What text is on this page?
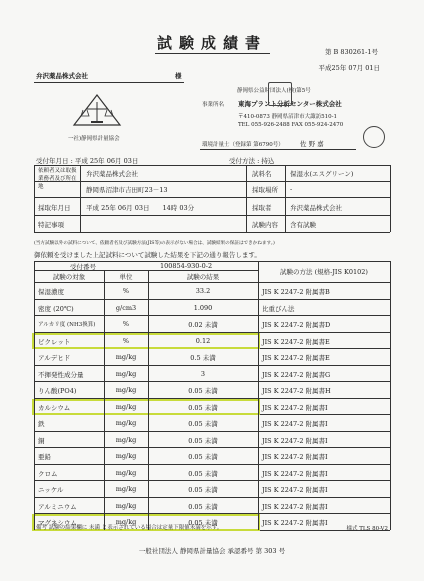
試験成績書	第 B 830261-1号
平成25年 07月 01日
弁沢薬品株式会社	様
一社)静岡県計量協会
静岡県公益財団法人(検)第5号
事業所名 東海プラント分析センター株式会社
〒410-0873 静岡県沼津市大諏訪510-1
TEL 055-926-2488 FAX 055-924-2470
環境計量士（登録第 第6790号）	佐 野 嘉
受付年月日 : 平成 25年 06月 03日	受付方法 : 持込
依頼者又は取扱業務者及び所在地
弁沢薬品株式会社
静岡県沼津市吉田町23－13
試料名	保湿水(エスグリーン)
採取場所 -
採取年月日 平成 25年 06月 03日　　14時 03分	採取者	弁沢薬品株式会社
特記事項	試験内容 含有試験
(当方試験以外の試料について、依頼者名及び試験方法(JIS等)の表示がない場合は、試験結果の保証はできかねます。)
御依頼を受けました上記試料について試験した結果を下記の通り報告します。
受付番号	100854-930-0-2
試験の対象	単位	試験の結果
試験の方法 (規格-JIS K0102)
保湿濃度	%	33.2	JIS K 2247-2 附属書B
密度 (20℃)	g/cm3	1.090	比重びん法
アルカリ度 (NH3換算)	%	0.02 未満	JIS K 2247-2 附属書D
ピクレット	%	0.12	JIS K 2247-2 附属書E
アルデヒド	mg/kg	0.5 未満	JIS K 2247-2 附属書E
不揮発性成分量	mg/kg	3	JIS K 2247-2 附属書G
りん酸(PO4)	mg/kg	0.05 未満	JIS K 2247-2 附属書H
カルシウム	mg/kg	0.05 未満	JIS K 2247-2 附属書I
鉄	mg/kg	0.05 未満	JIS K 2247-2 附属書I
銅	mg/kg	0.05 未満	JIS K 2247-2 附属書I
亜鉛	mg/kg	0.05 未満	JIS K 2247-2 附属書I
クロム	mg/kg	0.05 未満	JIS K 2247-2 附属書I
ニッケル	mg/kg	0.05 未満	JIS K 2247-2 附属書I
アルミニウム	mg/kg	0.05 未満	JIS K 2247-2 附属書I
マグネシウム	mg/kg	0.05 未満	JIS K 2247-2 附属書I
備考 試験の結果欄に 未満 と表示されている場合は定量下限値未満を示す。	様式 TLS 80-V2
一般社団法人 静岡県計量協会 承認番号 第 303 号
